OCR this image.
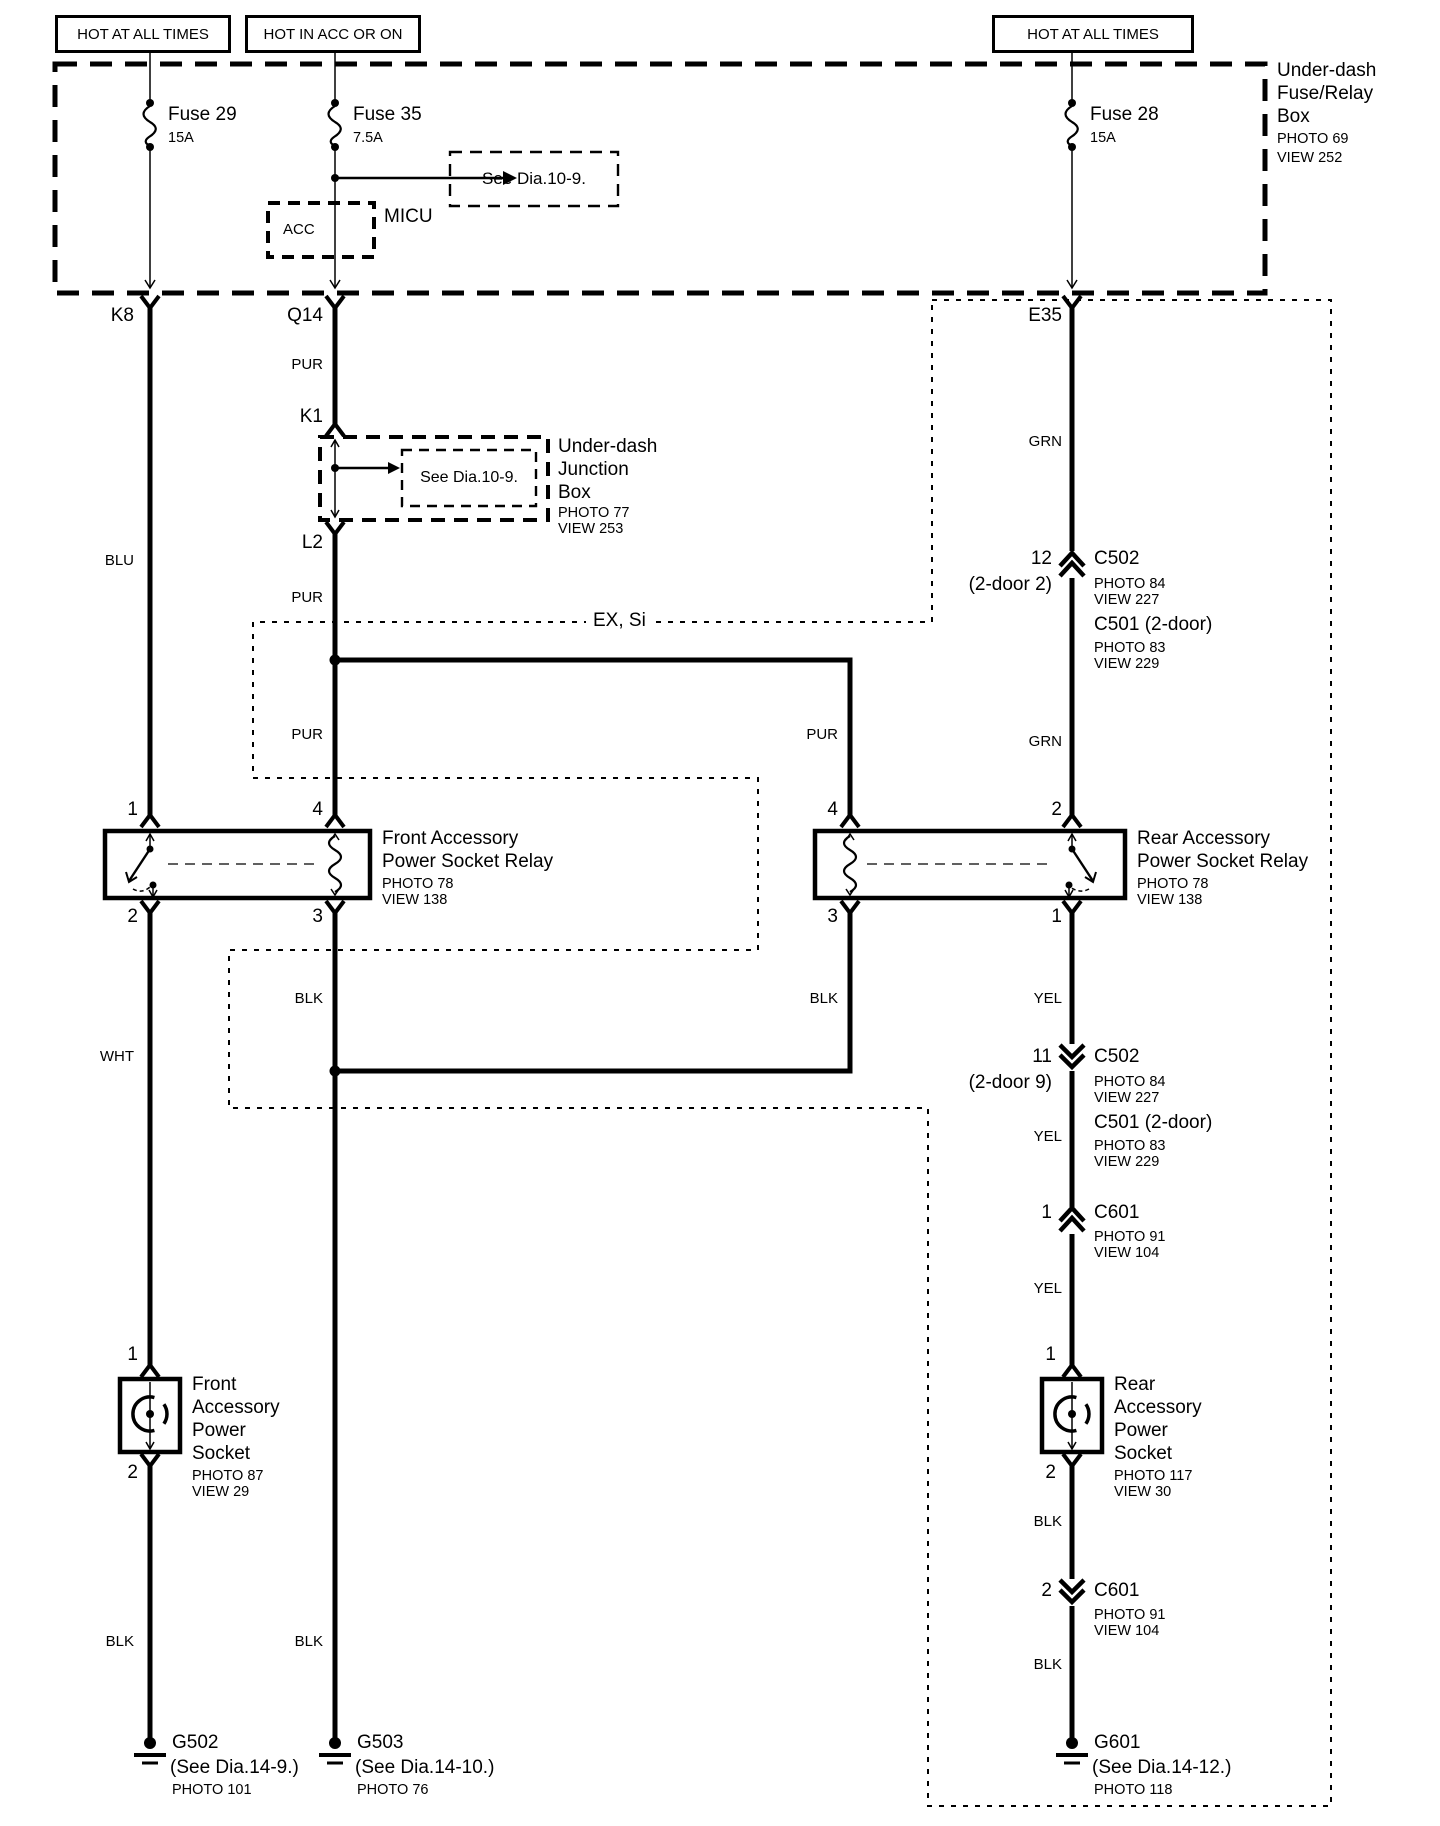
HOT AT ALL TIMES	HOT IN ACC OR ON	HOT AT ALL TIMES
Under-dash
Fuse/Relay
Box
PHOTO 69
VIEW 252
Fuse 29
15A
Fuse 35
7.5A
Fuse 28
15A
See Dia.10-9.
MICU
ACC
K8	Q14	E35
K1
L2
Under-dash
Junction
Box
PHOTO 77
VIEW 253
See Dia.10-9.
EX, Si
BLU
PUR
PUR
PUR	PUR
GRN
GRN
WHT
BLK	BLK	YEL
YEL
YEL
BLK
BLK
BLK	BLK
1	4
2	3
Front Accessory
Power Socket Relay
PHOTO 78
VIEW 138
4	2
3	1
Rear Accessory
Power Socket Relay
PHOTO 78
VIEW 138
12 C502
(2-door 2)	PHOTO 84
VIEW 227
C501 (2-door)
PHOTO 83
VIEW 229
11 C502
(2-door 9)	PHOTO 84
VIEW 227
C501 (2-door)
PHOTO 83
VIEW 229
1 C601
PHOTO 91
VIEW 104
2 C601
PHOTO 91
VIEW 104
1
2
Front
Accessory
Power
Socket
PHOTO 87
VIEW 29
1
2
Rear
Accessory
Power
Socket
PHOTO 117
VIEW 30
G502
(See Dia.14-9.)
PHOTO 101
G503
(See Dia.14-10.)
PHOTO 76
G601
(See Dia.14-12.)
PHOTO 118
